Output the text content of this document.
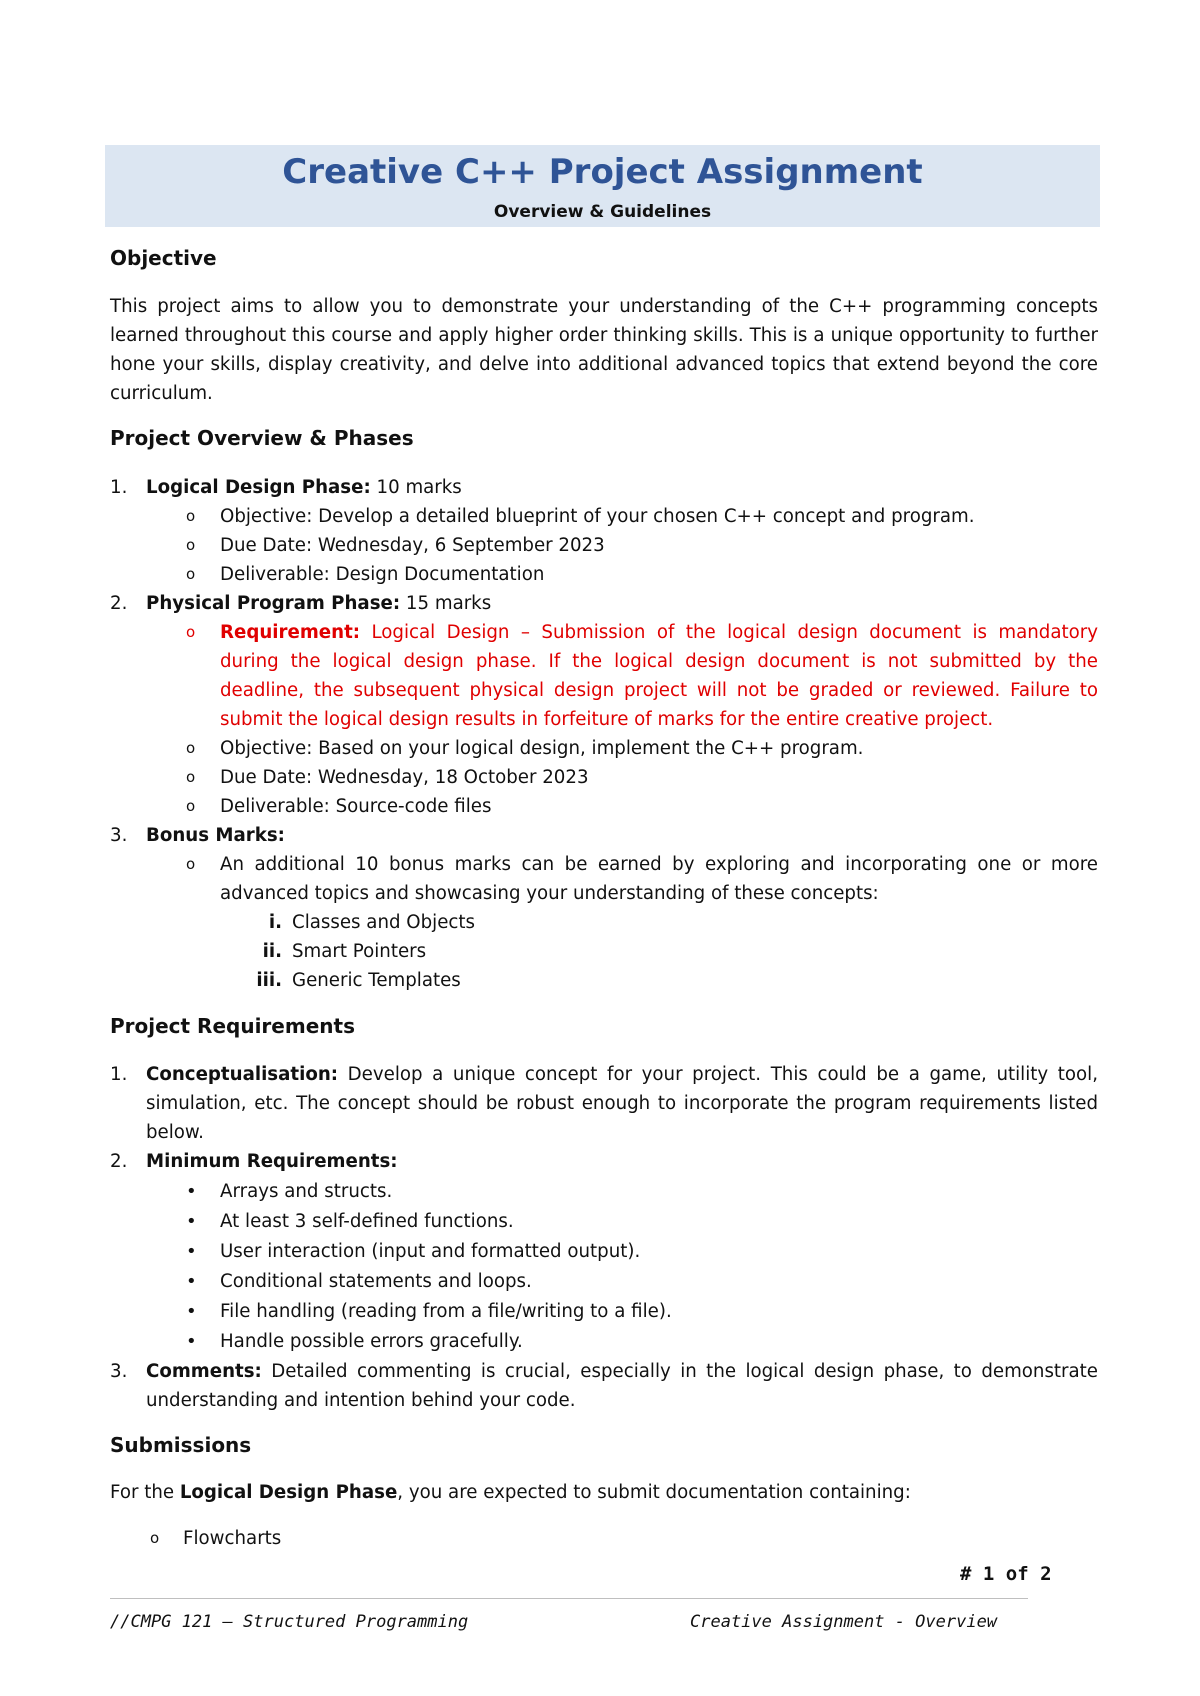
Creative C++ Project Assignment
Overview & Guidelines
Objective
This project aims to allow you to demonstrate your understanding of the C++ programming concepts learned throughout this course and apply higher order thinking skills. This is a unique opportunity to further hone your skills, display creativity, and delve into additional advanced topics that extend beyond the core curriculum.
Project Overview & Phases
1. Logical Design Phase: 10 marks
o Objective: Develop a detailed blueprint of your chosen C++ concept and program.
o Due Date: Wednesday, 6 September 2023
o Deliverable: Design Documentation
2. Physical Program Phase: 15 marks
o Requirement: Logical Design – Submission of the logical design document is mandatory during the logical design phase. If the logical design document is not submitted by the deadline, the subsequent physical design project will not be graded or reviewed. Failure to submit the logical design results in forfeiture of marks for the entire creative project.
o Objective: Based on your logical design, implement the C++ program.
o Due Date: Wednesday, 18 October 2023
o Deliverable: Source-code files
3. Bonus Marks:
o An additional 10 bonus marks can be earned by exploring and incorporating one or more advanced topics and showcasing your understanding of these concepts:
i. Classes and Objects
ii. Smart Pointers
iii. Generic Templates
Project Requirements
1. Conceptualisation: Develop a unique concept for your project. This could be a game, utility tool, simulation, etc. The concept should be robust enough to incorporate the program requirements listed below.
2. Minimum Requirements:
• Arrays and structs.
• At least 3 self-defined functions.
• User interaction (input and formatted output).
• Conditional statements and loops.
• File handling (reading from a file/writing to a file).
• Handle possible errors gracefully.
3. Comments: Detailed commenting is crucial, especially in the logical design phase, to demonstrate understanding and intention behind your code.
Submissions
For the Logical Design Phase, you are expected to submit documentation containing:
o Flowcharts
# 1 of 2
//CMPG 121 – Structured Programming	Creative Assignment - Overview
